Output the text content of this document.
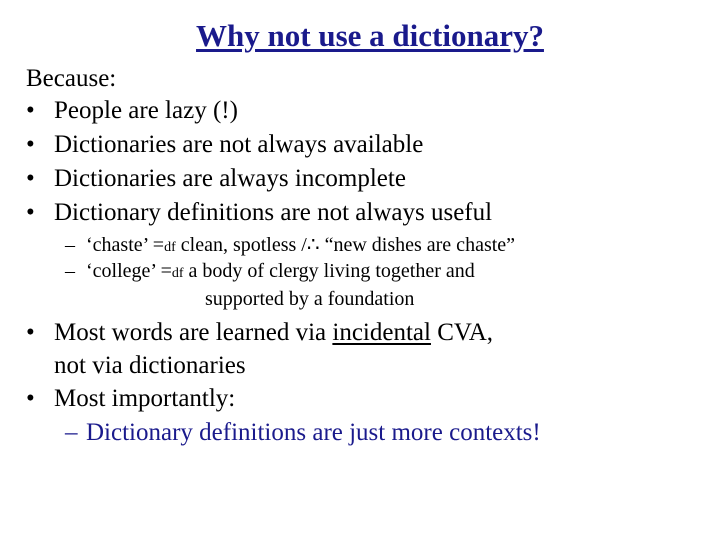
Why not use a dictionary?
Because:
• People are lazy (!)
• Dictionaries are not always available
• Dictionaries are always incomplete
• Dictionary definitions are not always useful
– ‘chaste’ =df clean, spotless /∴ “new dishes are chaste”
– ‘college’ =df a body of clergy living together and
supported by a foundation
• Most words are learned via incidental CVA,
not via dictionaries
• Most importantly:
– Dictionary definitions are just more contexts!
